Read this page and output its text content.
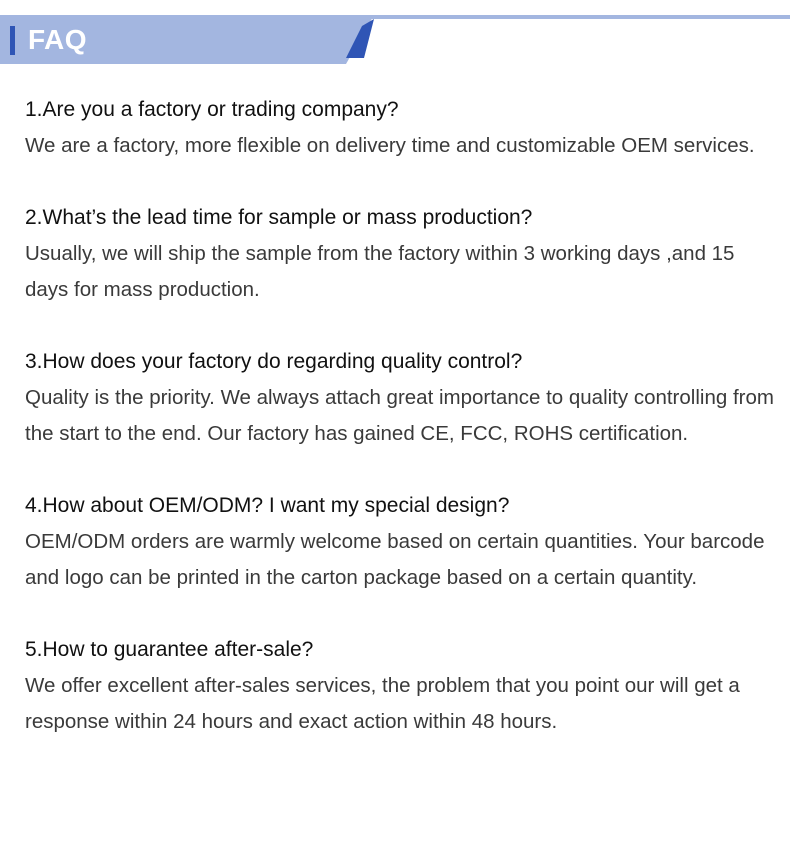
FAQ

1.Are you a factory or trading company?

We are a factory, more flexible on delivery time and customizable OEM services.

2.What’s the lead time for sample or mass production?

Usually, we will ship the sample from the factory within 3 working days ,and 15 days for mass production.

3.How does your factory do regarding quality control?

Quality is the priority. We always attach great importance to quality controlling from the start to the end. Our factory has gained CE, FCC, ROHS certification.

4.How about OEM/ODM? I want my special design?

OEM/ODM orders are warmly welcome based on certain quantities. Your barcode and logo can be printed in the carton package based on a certain quantity.

5.How to guarantee after-sale?

We offer excellent after-sales services, the problem that you point our will get a response within 24 hours and exact action within 48 hours.
